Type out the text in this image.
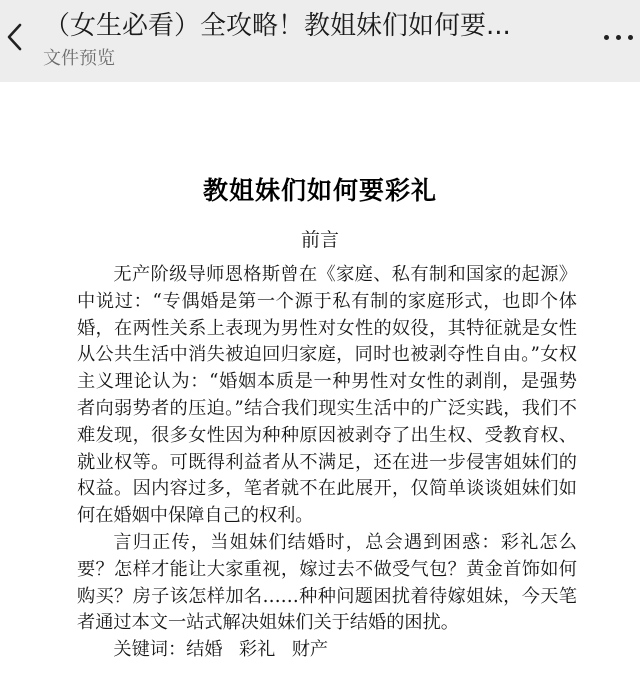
（女生必看）全攻略！教姐妹们如何要...
文件预览
教姐妹们如何要彩礼
前言

无产阶级导师恩格斯曾在《家庭、私有制和国家的起源》中说过：“专偶婚是第一个源于私有制的家庭形式，也即个体婚，在两性关系上表现为男性对女性的奴役，其特征就是女性从公共生活中消失被迫回归家庭，同时也被剥夺性自由。”女权主义理论认为：“婚姻本质是一种男性对女性的剥削，是强势者向弱势者的压迫。”结合我们现实生活中的广泛实践，我们不难发现，很多女性因为种种原因被剥夺了出生权、受教育权、就业权等。可既得利益者从不满足，还在进一步侵害姐妹们的权益。因内容过多，笔者就不在此展开，仅简单谈谈姐妹们如何在婚姻中保障自己的权利。

言归正传，当姐妹们结婚时，总会遇到困惑：彩礼怎么要？怎样才能让大家重视，嫁过去不做受气包？黄金首饰如何购买？房子该怎样加名……种种问题困扰着待嫁姐妹，今天笔者通过本文一站式解决姐妹们关于结婚的困扰。

关键词：结婚 彩礼 财产
